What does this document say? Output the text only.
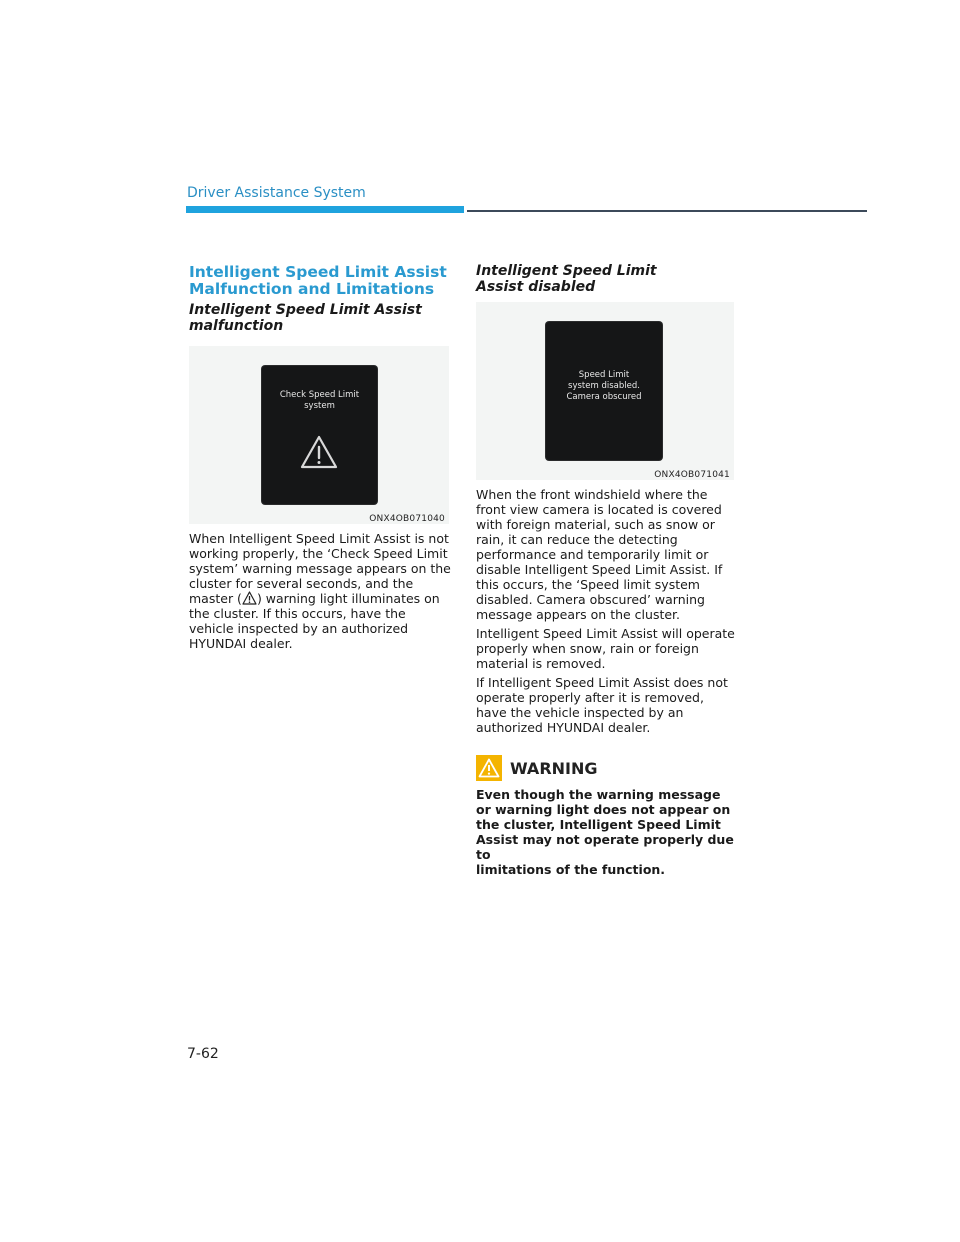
Driver Assistance System
Intelligent Speed Limit Assist Malfunction and Limitations
Intelligent Speed Limit Assist malfunction
Check Speed Limit
system
ONX4OB071040

When Intelligent Speed Limit Assist is not working properly, the ‘Check Speed Limit system’ warning message appears on the cluster for several seconds, and the master ( ) warning light illuminates on the cluster. If this occurs, have the vehicle inspected by an authorized HYUNDAI dealer.

Intelligent Speed Limit Assist disabled
Speed Limit
system disabled.
Camera obscured
ONX4OB071041

When the front windshield where the front view camera is located is covered with foreign material, such as snow or rain, it can reduce the detecting performance and temporarily limit or disable Intelligent Speed Limit Assist. If this occurs, the ‘Speed limit system disabled. Camera obscured’ warning message appears on the cluster.

Intelligent Speed Limit Assist will operate properly when snow, rain or foreign material is removed.

If Intelligent Speed Limit Assist does not operate properly after it is removed, have the vehicle inspected by an authorized HYUNDAI dealer.

WARNING

Even though the warning message
or warning light does not appear on
the cluster, Intelligent Speed Limit
Assist may not operate properly due to
limitations of the function.

7-62
